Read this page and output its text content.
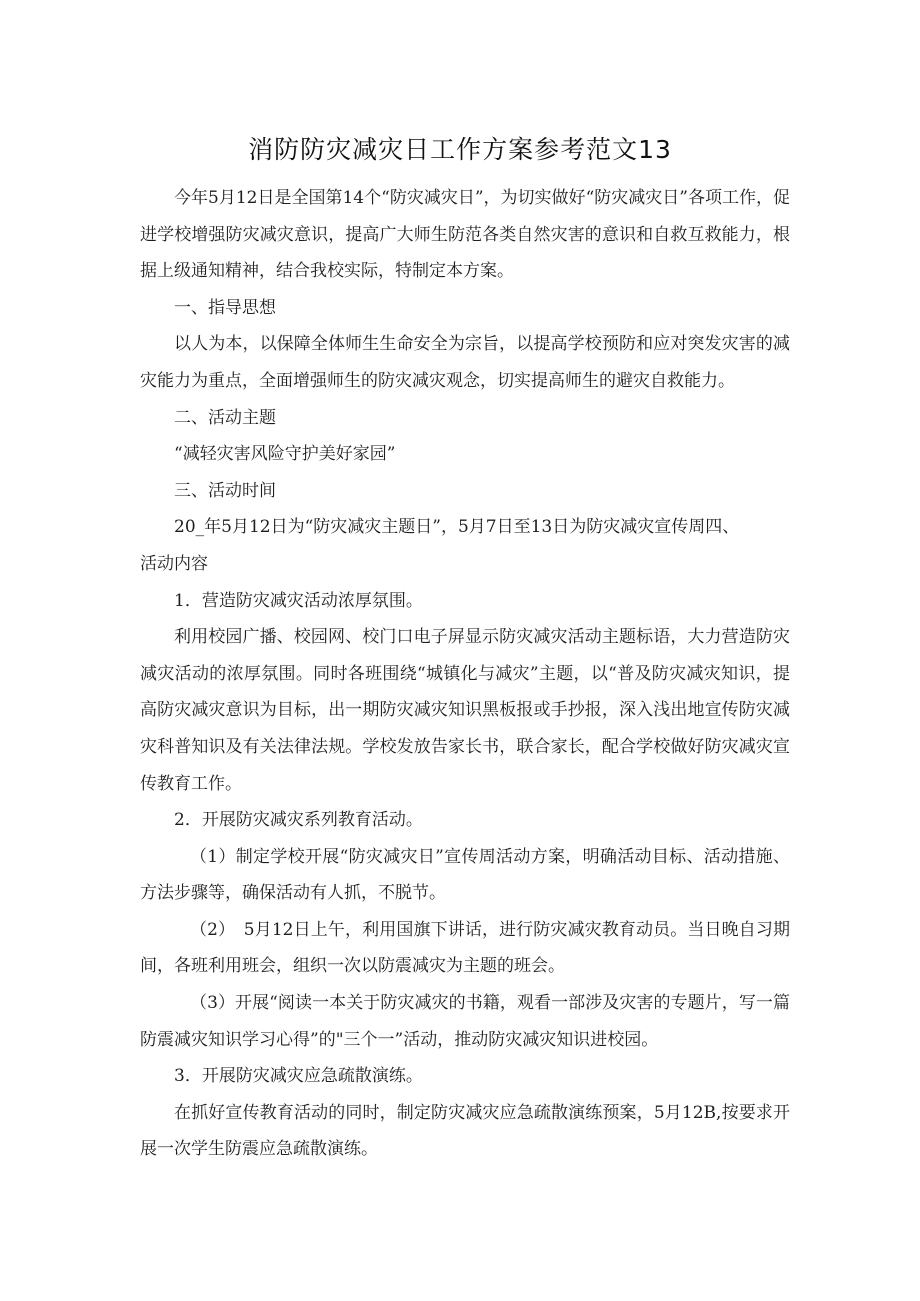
消防防灾减灾日工作方案参考范文13

今年5月12日是全国第14个“防灾减灾日”，为切实做好“防灾减灾日”各项工作，促进学校增强防灾减灾意识，提高广大师生防范各类自然灾害的意识和自救互救能力，根据上级通知精神，结合我校实际，特制定本方案。

一、指导思想

以人为本，以保障全体师生生命安全为宗旨，以提高学校预防和应对突发灾害的减灾能力为重点，全面增强师生的防灾减灾观念，切实提高师生的避灾自救能力。

二、活动主题

“减轻灾害风险守护美好家园”

三、活动时间

20_年5月12日为“防灾减灾主题日”，5月7日至13日为防灾减灾宣传周四、

活动内容

1．营造防灾减灾活动浓厚氛围。

利用校园广播、校园网、校门口电子屏显示防灾减灾活动主题标语，大力营造防灾减灾活动的浓厚氛围。同时各班围绕“城镇化与减灾”主题，以“普及防灾减灾知识，提高防灾减灾意识为目标，出一期防灾减灾知识黑板报或手抄报，深入浅出地宣传防灾减灾科普知识及有关法律法规。学校发放告家长书，联合家长，配合学校做好防灾减灾宣传教育工作。

2．开展防灾减灾系列教育活动。

（1）制定学校开展“防灾减灾日”宣传周活动方案，明确活动目标、活动措施、方法步骤等，确保活动有人抓，不脱节。

（2）　5月12日上午，利用国旗下讲话，进行防灾减灾教育动员。当日晚自习期间，各班利用班会，组织一次以防震减灾为主题的班会。

（3）开展“阅读一本关于防灾减灾的书籍，观看一部涉及灾害的专题片，写一篇防震减灾知识学习心得”的"三个一”活动，推动防灾减灾知识进校园。

3．开展防灾减灾应急疏散演练。

在抓好宣传教育活动的同时，制定防灾减灾应急疏散演练预案，5月12B,按要求开展一次学生防震应急疏散演练。
